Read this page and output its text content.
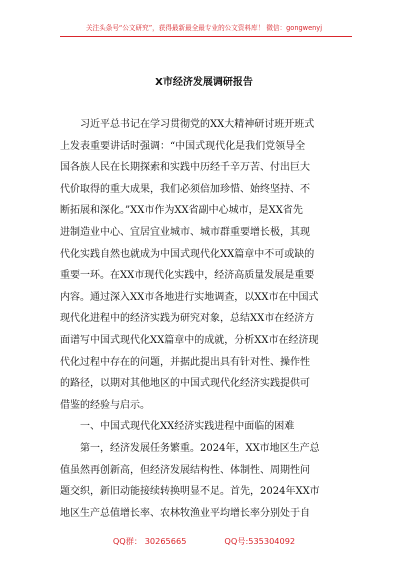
关注头条号“公文研究”，获得最新最全最专业的公文资料库！ 微信：gongwenyj
X市经济发展调研报告
习近平总书记在学习贯彻党的XX大精神研讨班开班式
上发表重要讲话时强调：“中国式现代化是我们党领导全
国各族人民在长期探索和实践中历经千辛万苦、付出巨大
代价取得的重大成果，我们必须倍加珍惜、始终坚持、不
断拓展和深化。”XX市作为XX省副中心城市，是XX省先
进制造业中心、宜居宜业城市、城市群重要增长极，其现
代化实践自然也就成为中国式现代化XX篇章中不可或缺的
重要一环。在XX市现代化实践中，经济高质量发展是重要
内容。通过深入XX市各地进行实地调查，以XX市在中国式
现代化进程中的经济实践为研究对象，总结XX市在经济方
面谱写中国式现代化XX篇章中的成就，分析XX市在经济现
代化过程中存在的问题，并据此提出具有针对性、操作性
的路径，以期对其他地区的中国式现代化经济实践提供可
借鉴的经验与启示。
一、中国式现代化XX经济实践进程中面临的困难
第一，经济发展任务繁重。2024年，XX市地区生产总
值虽然再创新高，但经济发展结构性、体制性、周期性问
题交织，新旧动能接续转换明显不足。首先，2024年XX市
地区生产总值增长率、农林牧渔业平均增长率分别处于自
QQ群： 30265665	QQ号:535304092
